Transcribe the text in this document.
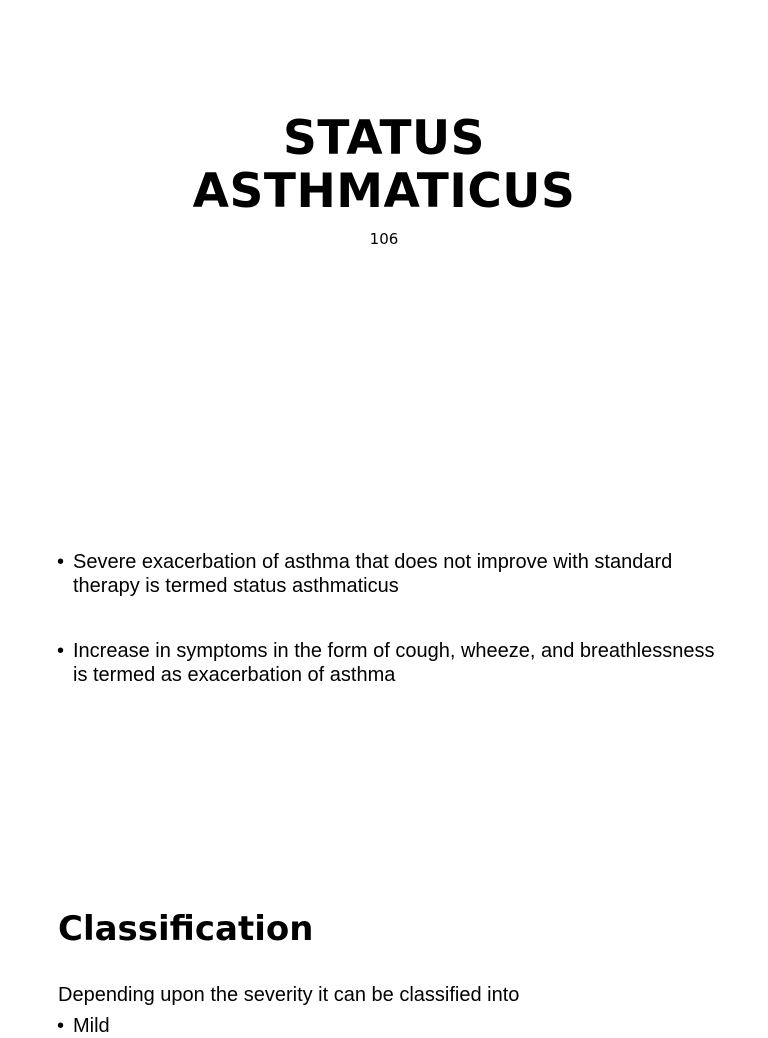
STATUS
ASTHMATICUS
106
• Severe exacerbation of asthma that does not improve with standard therapy is termed status asthmaticus
• Increase in symptoms in the form of cough, wheeze, and breathlessness is termed as exacerbation of asthma
Classification

Depending upon the severity it can be classified into

• Mild
